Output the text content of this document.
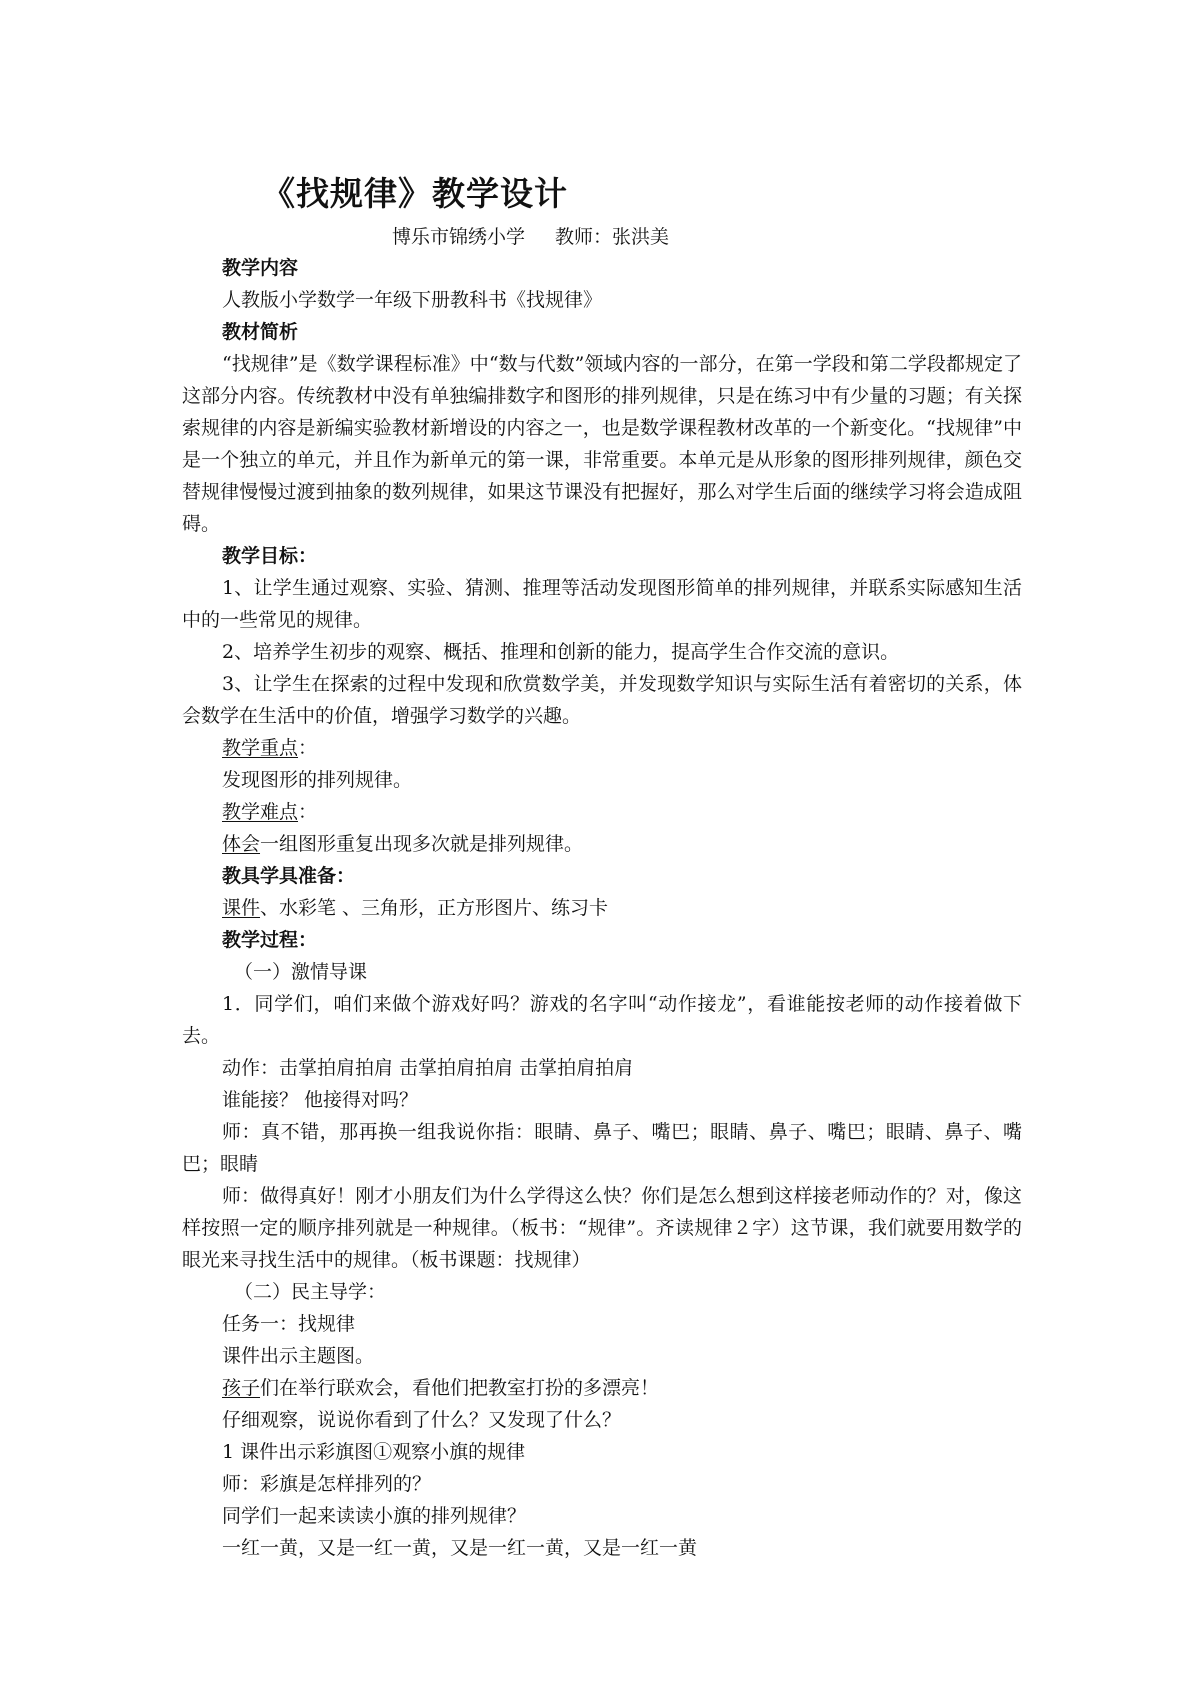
《找规律》教学设计
博乐市锦绣小学 教师：张洪美

教学内容

人教版小学数学一年级下册教科书《找规律》

教材简析

“找规律”是《数学课程标准》中“数与代数”领域内容的一部分，在第一学段和第二学段都规定了这部分内容。传统教材中没有单独编排数字和图形的排列规律，只是在练习中有少量的习题；有关探索规律的内容是新编实验教材新增设的内容之一，也是数学课程教材改革的一个新变化。“找规律”中是一个独立的单元，并且作为新单元的第一课，非常重要。本单元是从形象的图形排列规律，颜色交替规律慢慢过渡到抽象的数列规律，如果这节课没有把握好，那么对学生后面的继续学习将会造成阻碍。

教学目标：

1、让学生通过观察、实验、猜测、推理等活动发现图形简单的排列规律，并联系实际感知生活中的一些常见的规律。

2、培养学生初步的观察、概括、推理和创新的能力，提高学生合作交流的意识。

3、让学生在探索的过程中发现和欣赏数学美，并发现数学知识与实际生活有着密切的关系，体会数学在生活中的价值，增强学习数学的兴趣。

教学重点：

发现图形的排列规律。

教学难点：

体会一组图形重复出现多次就是排列规律。

教具学具准备：

课件、水彩笔 、三角形，正方形图片、练习卡

教学过程：

（一）激情导课

1．同学们，咱们来做个游戏好吗？游戏的名字叫“动作接龙”，看谁能按老师的动作接着做下去。

动作：击掌拍肩拍肩 击掌拍肩拍肩 击掌拍肩拍肩

谁能接？ 他接得对吗？

师：真不错，那再换一组我说你指：眼睛、鼻子、嘴巴；眼睛、鼻子、嘴巴；眼睛、鼻子、嘴巴；眼睛

师：做得真好！刚才小朋友们为什么学得这么快？你们是怎么想到这样接老师动作的？对，像这样按照一定的顺序排列就是一种规律。（板书：“规律”。齐读规律２字）这节课，我们就要用数学的眼光来寻找生活中的规律。（板书课题：找规律）

（二）民主导学：

任务一：找规律

课件出示主题图。

孩子们在举行联欢会，看他们把教室打扮的多漂亮！

仔细观察，说说你看到了什么？又发现了什么？

1 课件出示彩旗图①观察小旗的规律

师：彩旗是怎样排列的？

同学们一起来读读小旗的排列规律？

一红一黄，又是一红一黄，又是一红一黄，又是一红一黄
